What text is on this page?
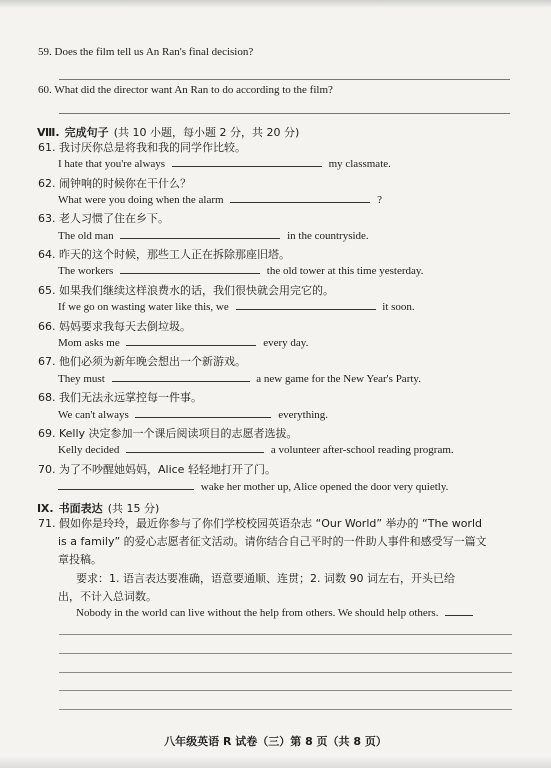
59. Does the film tell us An Ran's final decision?
60. What did the director want An Ran to do according to the film?
Ⅷ. 完成句子 (共 10 小题，每小题 2 分，共 20 分)
61. 我讨厌你总是将我和我的同学作比较。
I hate that you're always	my classmate.
62. 闹钟响的时候你在干什么？
What were you doing when the alarm	?
63. 老人习惯了住在乡下。
The old man	in the countryside.
64. 昨天的这个时候，那些工人正在拆除那座旧塔。
The workers	the old tower at this time yesterday.
65. 如果我们继续这样浪费水的话，我们很快就会用完它的。
If we go on wasting water like this, we	it soon.
66. 妈妈要求我每天去倒垃圾。
Mom asks me	every day.
67. 他们必须为新年晚会想出一个新游戏。
They must	a new game for the New Year's Party.
68. 我们无法永远掌控每一件事。
We can't always	everything.
69. Kelly 决定参加一个课后阅读项目的志愿者选拔。
Kelly decided	a volunteer after-school reading program.
70. 为了不吵醒她妈妈，Alice 轻轻地打开了门。
wake her mother up, Alice opened the door very quietly.
Ⅸ. 书面表达 (共 15 分)
71. 假如你是玲玲，最近你参与了你们学校校园英语杂志 “Our World” 举办的 “The world
is a family” 的爱心志愿者征文活动。请你结合自己平时的一件助人事件和感受写一篇文
章投稿。
要求：1. 语言表达要准确，语意要通顺、连贯；2. 词数 90 词左右，开头已给
出，不计入总词数。
Nobody in the world can live without the help from others. We should help others.
八年级英语 R 试卷（三）第 8 页（共 8 页）
